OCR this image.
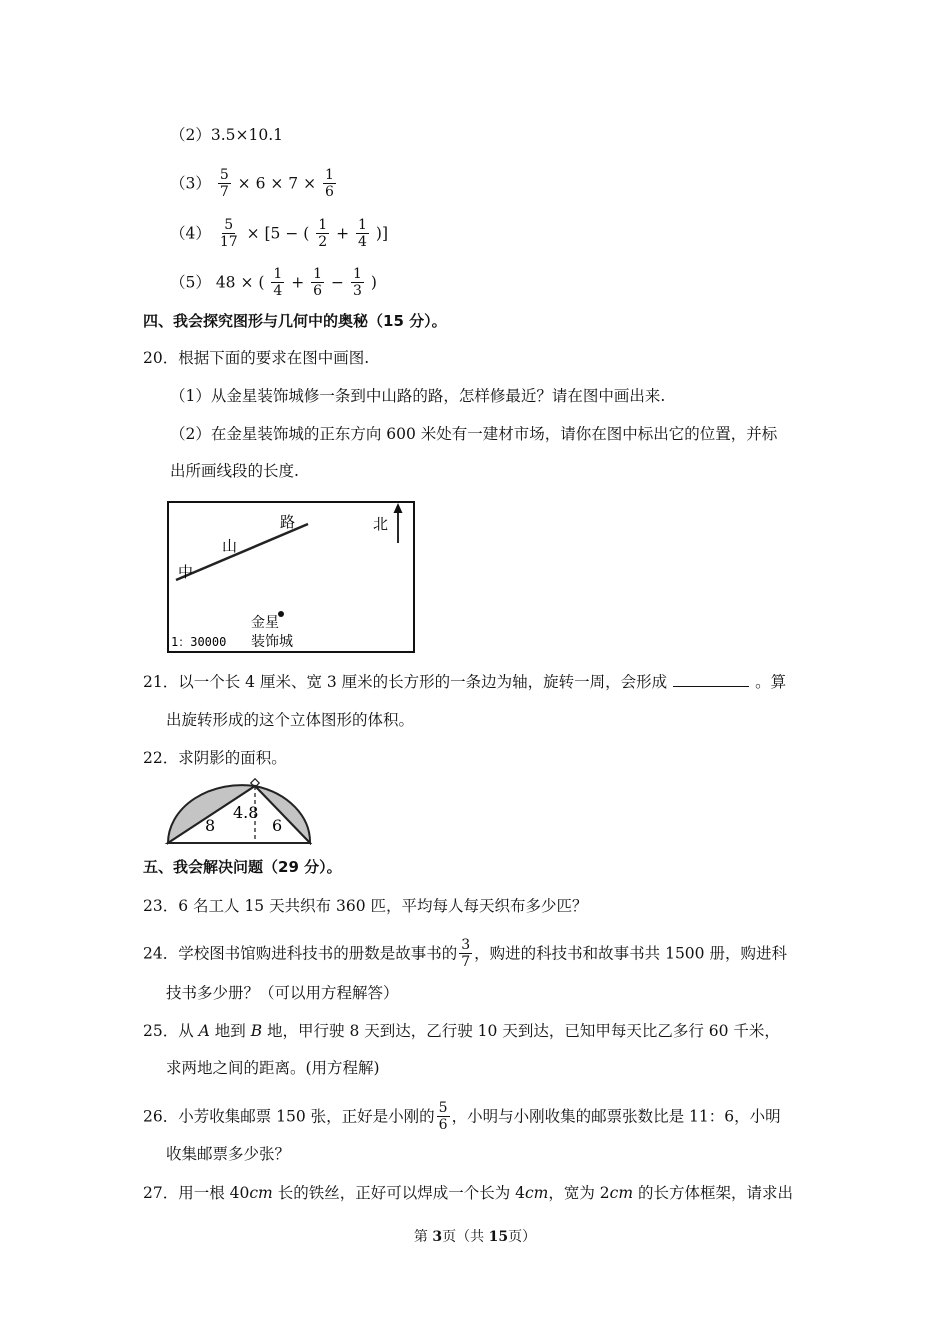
（2）3.5×10.1
$(3) \frac{5}{7} \times 6 \times 7 \times \frac{1}{6}$
$(4) \frac{5}{17} \times [5$ − ( $\frac{1}{2} + \frac{1}{4}$ )]
（5） 48 × ( $\frac{1}{4} + \frac{1}{6} - \frac{1}{3}$ )
四、我会探究图形与几何中的奥秘（15 分）。
20．根据下面的要求在图中画图.
（1）从金星装饰城修一条到中山路的路，怎样修最近？请在图中画出来.
（2）在金星装饰城的正东方向 600 米处有一建材市场，请你在图中标出它的位置，并标
出所画线段的长度.
中
山
路	北
金星
装饰城
1：30000
21．以一个长 4 厘米、宽 3 厘米的长方形的一条边为轴，旋转一周，会形成	。算
出旋转形成的这个立体图形的体积。
22．求阴影的面积。
4.8
8	6
五、我会解决问题（29 分）。
23．6 名工人 15 天共织布 360 匹，平均每人每天织布多少匹？
24．学校图书馆购进科技书的册数是故事书的 $\frac{3}{7}$ ，购进的科技书和故事书共 1500 册，购进科
技书多少册？（可以用方程解答）
25．从 A 地到 B 地，甲行驶 8 天到达，乙行驶 10 天到达，已知甲每天比乙多行 60 千米，
求两地之间的距离。(用方程解)
26．小芳收集邮票 150 张，正好是小刚的 $\frac{5}{6}$ ，小明与小刚收集的邮票张数比是 11：6，小明
收集邮票多少张？
27．用一根 40cm 长的铁丝，正好可以焊成一个长为 4cm，宽为 2cm 的长方体框架，请求出
第 3页（共 15页）
